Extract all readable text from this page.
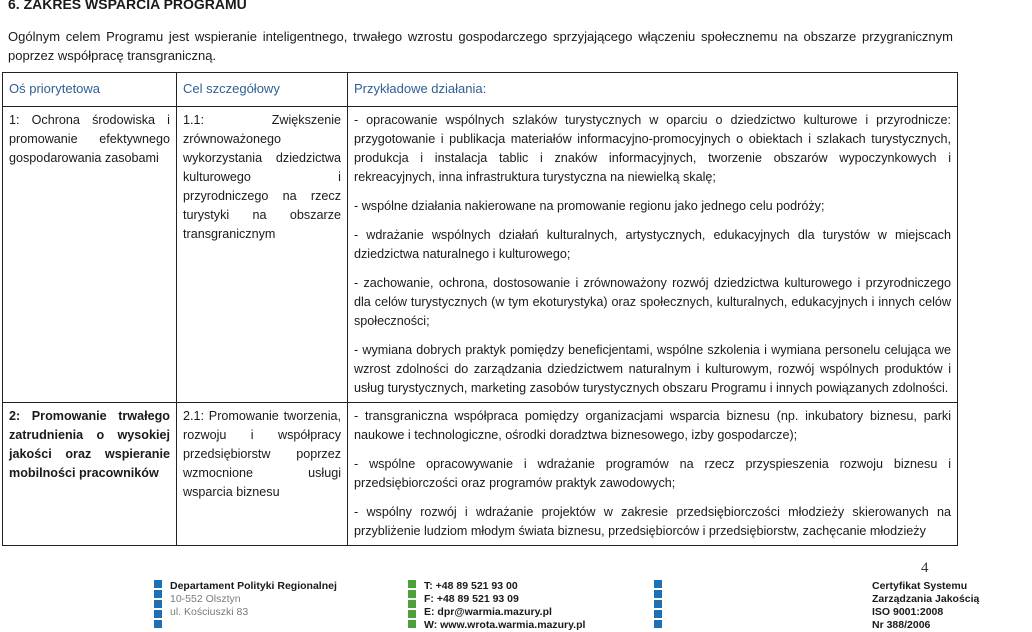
6. ZAKRES WSPARCIA PROGRAMU

Ogólnym celem Programu jest wspieranie inteligentnego, trwałego wzrostu gospodarczego sprzyjającego włączeniu społecznemu na obszarze przygranicznym poprzez współpracę transgraniczną.

Oś priorytetowa	Cel szczegółowy	Przykładowe działania:
1: Ochrona środowiska i promowanie efektywnego gospodarowania zasobami	1.1: Zwiększenie zrównoważonego wykorzystania dziedzictwa kulturowego i przyrodniczego na rzecz turystyki na obszarze transgranicznym	- opracowanie wspólnych szlaków turystycznych w oparciu o dziedzictwo kulturowe i przyrodnicze: przygotowanie i publikacja materiałów informacyjno-promocyjnych o obiektach i szlakach turystycznych, produkcja i instalacja tablic i znaków informacyjnych, tworzenie obszarów wypoczynkowych i rekreacyjnych, inna infrastruktura turystyczna na niewielką skalę;

- wspólne działania nakierowane na promowanie regionu jako jednego celu podróży;

- wdrażanie wspólnych działań kulturalnych, artystycznych, edukacyjnych dla turystów w miejscach dziedzictwa naturalnego i kulturowego;

- zachowanie, ochrona, dostosowanie i zrównoważony rozwój dziedzictwa kulturowego i przyrodniczego dla celów turystycznych (w tym ekoturystyka) oraz społecznych, kulturalnych, edukacyjnych i innych celów społeczności;

- wymiana dobrych praktyk pomiędzy beneficjentami, wspólne szkolenia i wymiana personelu celująca we wzrost zdolności do zarządzania dziedzictwem naturalnym i kulturowym, rozwój wspólnych produktów i usług turystycznych, marketing zasobów turystycznych obszaru Programu i innych powiązanych zdolności.

2: Promowanie trwałego zatrudnienia o wysokiej jakości oraz wspieranie mobilności pracowników	2.1: Promowanie tworzenia, rozwoju i współpracy przedsiębiorstw poprzez wzmocnione usługi wsparcia biznesu	- transgraniczna współpraca pomiędzy organizacjami wsparcia biznesu (np. inkubatory biznesu, parki naukowe i technologiczne, ośrodki doradztwa biznesowego, izby gospodarcze);

- wspólne opracowywanie i wdrażanie programów na rzecz przyspieszenia rozwoju biznesu i przedsiębiorczości oraz programów praktyk zawodowych;

- wspólny rozwój i wdrażanie projektów w zakresie przedsiębiorczości młodzieży skierowanych na przybliżenie ludziom młodym świata biznesu, przedsiębiorców i przedsiębiorstw, zachęcanie młodzieży

4
Departament Polityki Regionalnej
10-552 Olsztyn
ul. Kościuszki 83
T: +48 89 521 93 00
F: +48 89 521 93 09
E: dpr@warmia.mazury.pl
W: www.wrota.warmia.mazury.pl
Certyfikat Systemu
Zarządzania Jakością
ISO 9001:2008
Nr 388/2006
